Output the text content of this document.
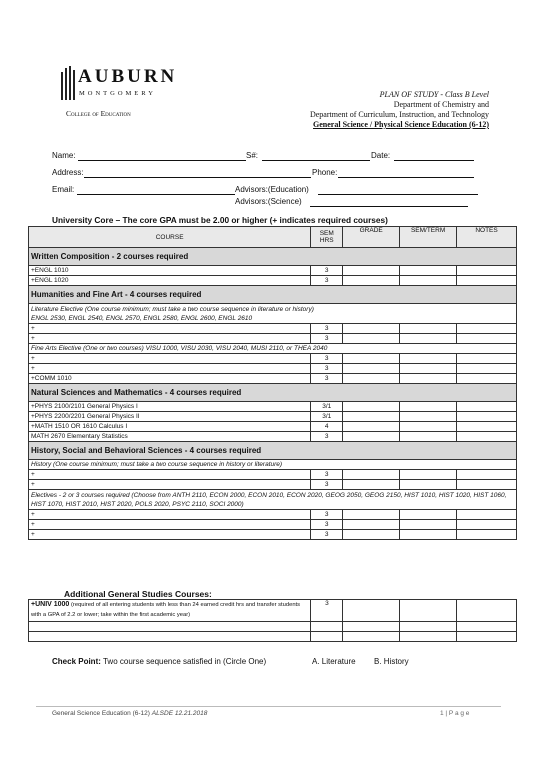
AUBURN
MONTGOMERY
College of Education
PLAN OF STUDY - Class B Level
Department of Chemistry and
Department of Curriculum, Instruction, and Technology
General Science / Physical Science Education (6-12)
Name:	S#:	Date:
Address:	Phone:
Email:	Advisors:(Education)
Advisors:(Science)
University Core – The core GPA must be 2.00 or higher (+ indicates required courses)
COURSE	SEM HRS	GRADE	SEM/TERM	NOTES
Written Composition - 2 courses required				
+ENGL 1010	3			
+ENGL 1020	3			
Humanities and Fine Art - 4 courses required				
Literature Elective (One course minimum; must take a two course sequence in literature or history)
ENGL 2530, ENGL 2540, ENGL 2570, ENGL 2580, ENGL 2600, ENGL 2610				
+	3			
+	3			
Fine Arts Elective (One or two courses) VISU 1000, VISU 2030, VISU 2040, MUSI 2110, or THEA 2040				
+	3			
+	3			
+COMM 1010	3			
Natural Sciences and Mathematics - 4 courses required				
+PHYS 2100/2101 General Physics I	3/1			
+PHYS 2200/2201 General Physics II	3/1			
+MATH 1510 OR 1610 Calculus I	4			
MATH 2670 Elementary Statistics	3			
History, Social and Behavioral Sciences - 4 courses required				
History (One course minimum; must take a two course sequence in history or literature)				
+	3			
+	3			
Electives - 2 or 3 courses required (Choose from ANTH 2110, ECON 2000, ECON 2010, ECON 2020, GEOG 2050, GEOG 2150, HIST 1010, HIST 1020, HIST 1060, HIST 1070, HIST 2010, HIST 2020, POLS 2020, PSYC 2110, SOCI 2000)				
+	3			
+	3			
+	3			
Additional General Studies Courses:
+UNIV 1000 (required of all entering students with less than 24 earned credit hrs and transfer students with a GPA of 2.2 or lower; take within the first academic year)	3			

Check Point: Two course sequence satisfied in (Circle One)	A. Literature B. History
General Science Education (6-12) ALSDE 12.21.2018	1 | P a g e
